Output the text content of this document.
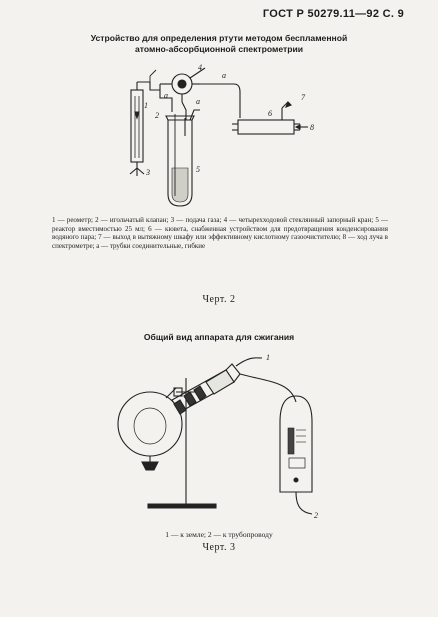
ГОСТ Р 50279.11—92 С. 9
Устройство для определения ртути методом беспламенной
атомно-абсорбционной спектрометрии
1
2
3
4
5
6
7
8
а
а
а
1 — реометр; 2 — игольчатый клапан; 3 — подача газа; 4 — четырехходовой стеклянный запорный кран; 5 — реактор вместимостью 25 мл; 6 — кювета, снабженная устройством для предотвращения конденсирования водяного пара; 7 — выход в вытяжному шкафу или эффективному кислотному газоочистителю; 8 — ход луча в спектрометре; а — трубки соединительные, гибкие
Черт. 2
Общий вид аппарата для сжигания
1
2
1 — к земле; 2 — к трубопроводу
Черт. 3
